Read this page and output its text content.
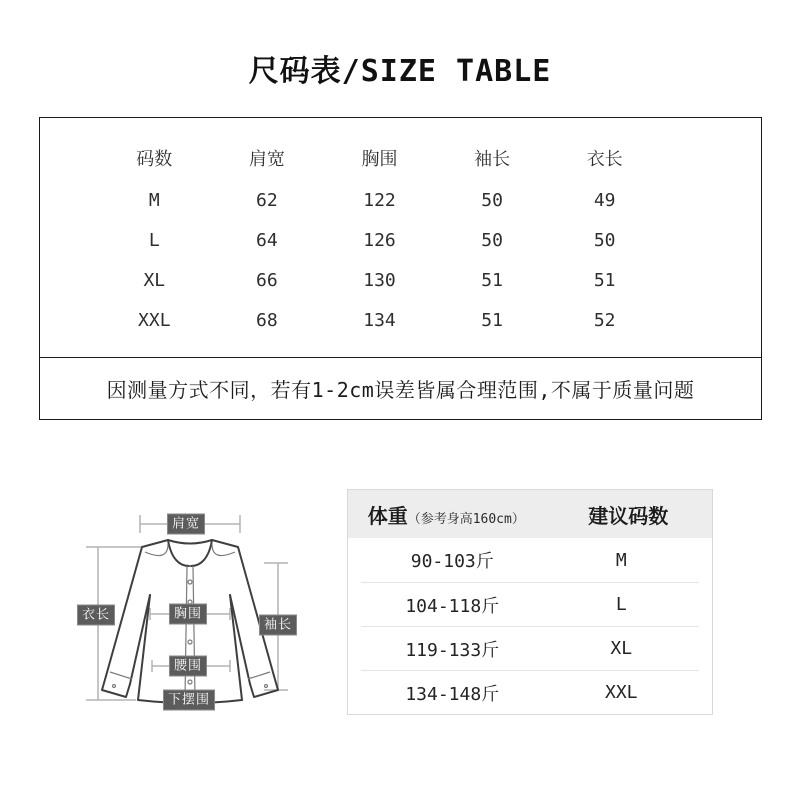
尺码表/SIZE TABLE
码数	肩宽	胸围	袖长	衣长
M	62	122	50	49
L	64	126	50	50
XL	66	130	51	51
XXL	68	134	51	52
因测量方式不同，若有1-2cm误差皆属合理范围,不属于质量问题
肩宽
衣长	胸围
袖长
腰围
下摆围
体重（参考身高160cm）	建议码数
90-103斤	M
104-118斤	L
119-133斤	XL
134-148斤	XXL
